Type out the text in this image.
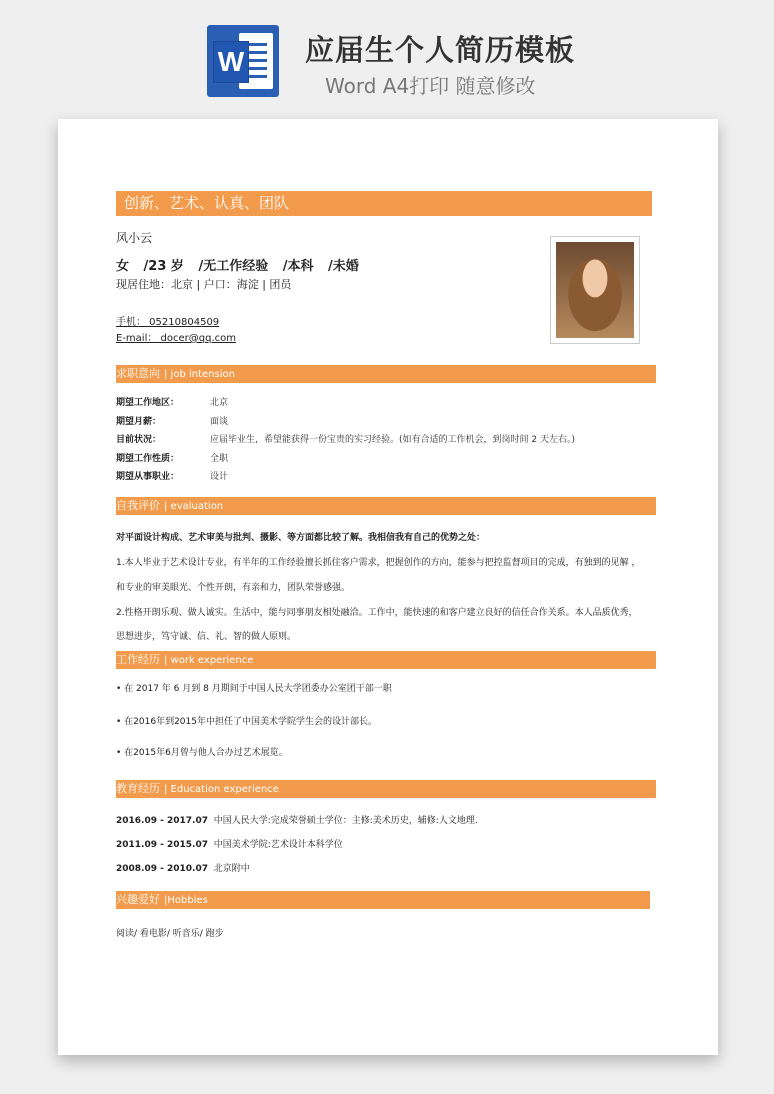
W 应届生个人简历模板
Word A4打印 随意修改
创新、艺术、认真、团队
风小云
女 /23 岁 /无工作经验 /本科 /未婚
现居住地：北京 | 户口：海淀 | 团员
手机： 05210804509
E-mail： docer@qq.com
求职意向 | job intension
期望工作地区：	北京
期望月薪：	面谈
目前状况：	应届毕业生，希望能获得一份宝贵的实习经验。(如有合适的工作机会，到岗时间 2 天左右。)
期望工作性质：	全职
期望从事职业：	设计
自我评价 | evaluation
对平面设计构成、艺术审美与批判、摄影、等方面都比较了解。我相信我有自己的优势之处：
1.本人毕业于艺术设计专业，有半年的工作经验擅长抓住客户需求，把握创作的方向，能参与把控监督项目的完成，有独到的见解 ，
和专业的审美眼光、个性开朗，有亲和力，团队荣誉感强。
2.性格开朗乐观、做人诚实。生活中，能与同事朋友相处融洽。工作中，能快速的和客户建立良好的信任合作关系。本人品质优秀，
思想进步，笃守诚、信、礼、智的做人原则。
工作经历 | work experience
• 在 2017 年 6 月到 8 月期间于中国人民大学团委办公室团干部一职
• 在2016年到2015年中担任了中国美术学院学生会的设计部长。
• 在2015年6月曾与他人合办过艺术展览。
教育经历 | Education experience
2016.09 - 2017.07 中国人民大学:完成荣誉硕士学位：主修:美术历史，辅修:人文地理.
2011.09 - 2015.07 中国美术学院:艺术设计本科学位
2008.09 - 2010.07 北京附中
兴趣爱好 |Hobbies
阅读/ 看电影/ 听音乐/ 跑步
